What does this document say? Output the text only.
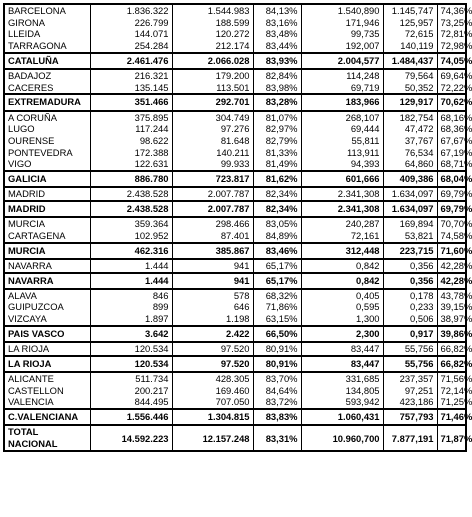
BARCELONA	1.836.322	1.544.983	84,13%	1.540,890	1.145,747	74,36%
GIRONA	226.799	188.599	83,16%	171,946	125,957	73,25%
LLEIDA	144.071	120.272	83,48%	99,735	72,615	72,81%
TARRAGONA	254.284	212.174	83,44%	192,007	140,119	72,98%
CATALUÑA	2.461.476	2.066.028	83,93%	2.004,577	1.484,437	74,05%
BADAJOZ	216.321	179.200	82,84%	114,248	79,564	69,64%
CACERES	135.145	113.501	83,98%	69,719	50,352	72,22%
EXTREMADURA	351.466	292.701	83,28%	183,966	129,917	70,62%
A CORUÑA	375.895	304.749	81,07%	268,107	182,754	68,16%
LUGO	117.244	97.276	82,97%	69,444	47,472	68,36%
OURENSE	98.622	81.648	82,79%	55,811	37,767	67,67%
PONTEVEDRA	172.388	140.211	81,33%	113,911	76,534	67,19%
VIGO	122.631	99.933	81,49%	94,393	64,860	68,71%
GALICIA	886.780	723.817	81,62%	601,666	409,386	68,04%
MADRID	2.438.528	2.007.787	82,34%	2.341,308	1.634,097	69,79%
MADRID	2.438.528	2.007.787	82,34%	2.341,308	1.634,097	69,79%
MURCIA	359.364	298.466	83,05%	240,287	169,894	70,70%
CARTAGENA	102.952	87.401	84,89%	72,161	53,821	74,58%
MURCIA	462.316	385.867	83,46%	312,448	223,715	71,60%
NAVARRA	1.444	941	65,17%	0,842	0,356	42,28%
NAVARRA	1.444	941	65,17%	0,842	0,356	42,28%
ALAVA	846	578	68,32%	0,405	0,178	43,78%
GUIPUZCOA	899	646	71,86%	0,595	0,233	39,15%
VIZCAYA	1.897	1.198	63,15%	1,300	0,506	38,97%
PAIS VASCO	3.642	2.422	66,50%	2,300	0,917	39,86%
LA RIOJA	120.534	97.520	80,91%	83,447	55,756	66,82%
LA RIOJA	120.534	97.520	80,91%	83,447	55,756	66,82%
ALICANTE	511.734	428.305	83,70%	331,685	237,357	71,56%
CASTELLON	200.217	169.460	84,64%	134,805	97,251	72,14%
VALENCIA	844.495	707.050	83,72%	593,942	423,186	71,25%
C.VALENCIANA	1.556.446	1.304.815	83,83%	1.060,431	757,793	71,46%
TOTAL NACIONAL	14.592.223	12.157.248	83,31%	10.960,700	7.877,191	71,87%
